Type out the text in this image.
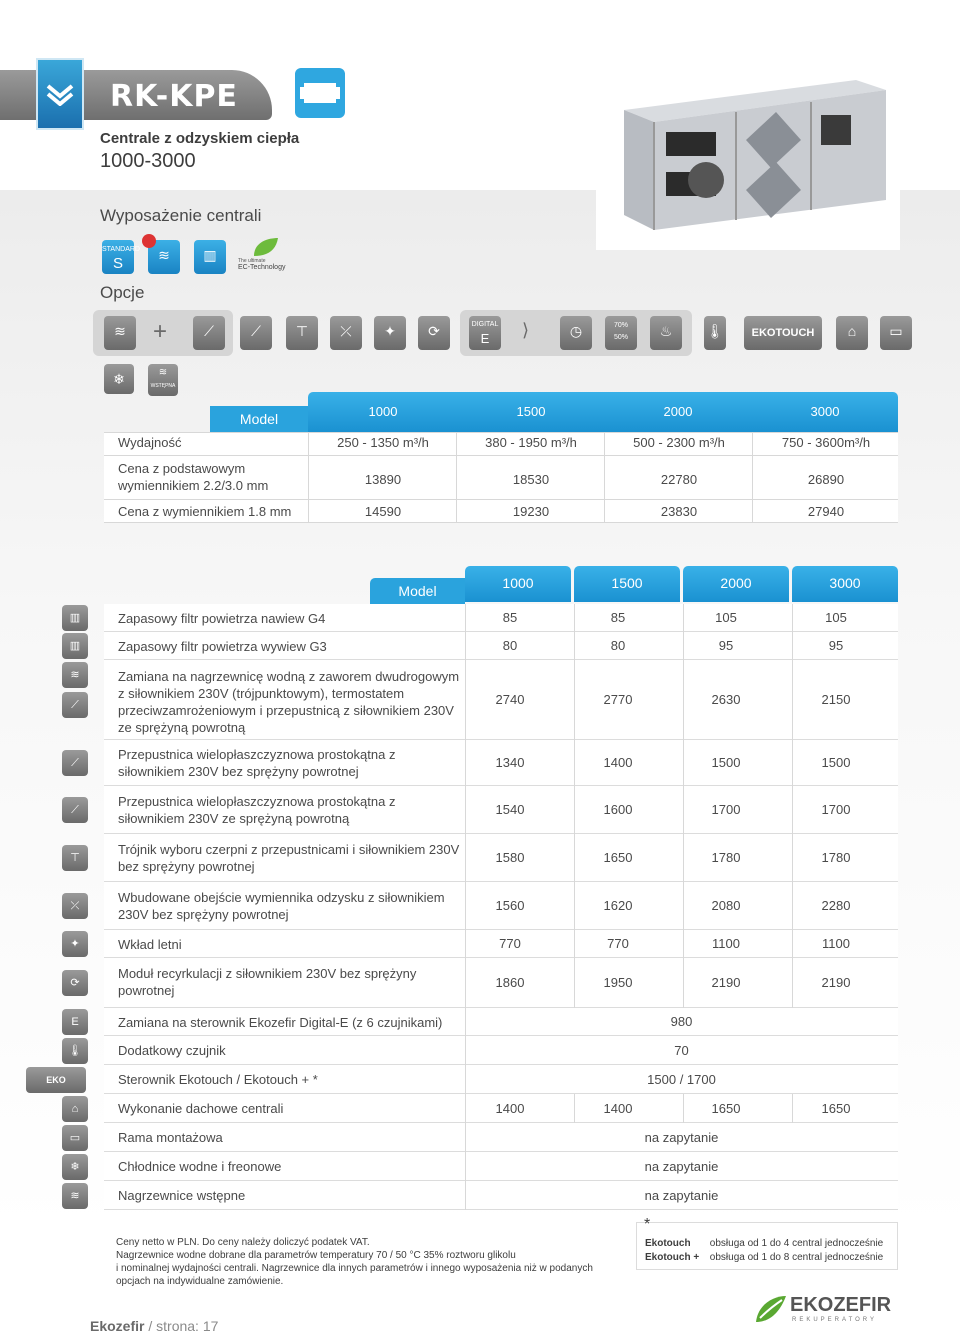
RK-KPE
Centrale z odzyskiem ciepła
1000-3000
Wyposażenie centrali
Opcje
STANDARD
S	≋	▥	The ultimate
EC-Technology
≋	+	⟋	⟋	⊤	⤫	✦	⟳	DIGITAL
E	⟩	◷	70%
50%	♨	🌡	EKOTOUCH	⌂	▭
❄	≋
WSTĘPNA
Model	1000	1500	2000	3000
Wydajność	250 - 1350 m³/h	380 - 1950 m³/h	500 - 2300 m³/h	750 - 3600m³/h
Cena z podstawowym wymiennikiem 2.2/3.0 mm	13890	18530	22780	26890
Cena z wymiennikiem 1.8 mm	14590	19230	23830	27940
Model	1000	1500	2000	3000
Zapasowy filtr powietrza nawiew G4	85	85	105	105
Zapasowy filtr powietrza wywiew G3	80	80	95	95
Zamiana na nagrzewnicę wodną z zaworem dwudrogowym z siłownikiem 230V (trójpunktowym), termostatem przeciwzamrożeniowym i przepustnicą z siłownikiem 230V ze sprężyną powrotną
2740	2770	2630	2150
Przepustnica wielopłaszczyznowa prostokątna z siłownikiem 230V bez sprężyny powrotnej
1340	1400	1500	1500
Przepustnica wielopłaszczyznowa prostokątna z siłownikiem 230V ze sprężyną powrotną
1540	1600	1700	1700
Trójnik wyboru czerpni z przepustnicami i siłownikiem 230V bez sprężyny powrotnej
1580	1650	1780	1780
Wbudowane obejście wymiennika odzysku z siłownikiem 230V bez sprężyny powrotnej
1560	1620	2080	2280
Wkład letni	770	770	1100	1100
Moduł recyrkulacji z siłownikiem 230V bez sprężyny powrotnej
1860	1950	2190	2190
Zamiana na sterownik Ekozefir Digital-E (z 6 czujnikami)	980
Dodatkowy czujnik	70
Sterownik Ekotouch / Ekotouch + *	1500 / 1700
Wykonanie dachowe centrali	1400	1400	1650	1650
Rama montażowa	na zapytanie
Chłodnice wodne i freonowe	na zapytanie
Nagrzewnice wstępne	na zapytanie
Ceny netto w PLN. Do ceny należy doliczyć podatek VAT.
Nagrzewnice wodne dobrane dla parametrów temperatury 70 / 50 °C 35% roztworu glikolu
i nominalnej wydajności centrali. Nagrzewnice dla innych parametrów i innego wyposażenia niż w podanych
opcjach na indywidualne zamówienie.
*
Ekotouch obsługa od 1 do 4 central jednocześnie
Ekotouch + obsługa od 1 do 8 central jednocześnie
Ekozefir / strona: 17
EKOZEFIR
REKUPERATORY
▥
▥
≋
⟋
⟋
⟋
⊤
⤫
✦
⟳
E
🌡
EKO
⌂
▭
❄
≋
